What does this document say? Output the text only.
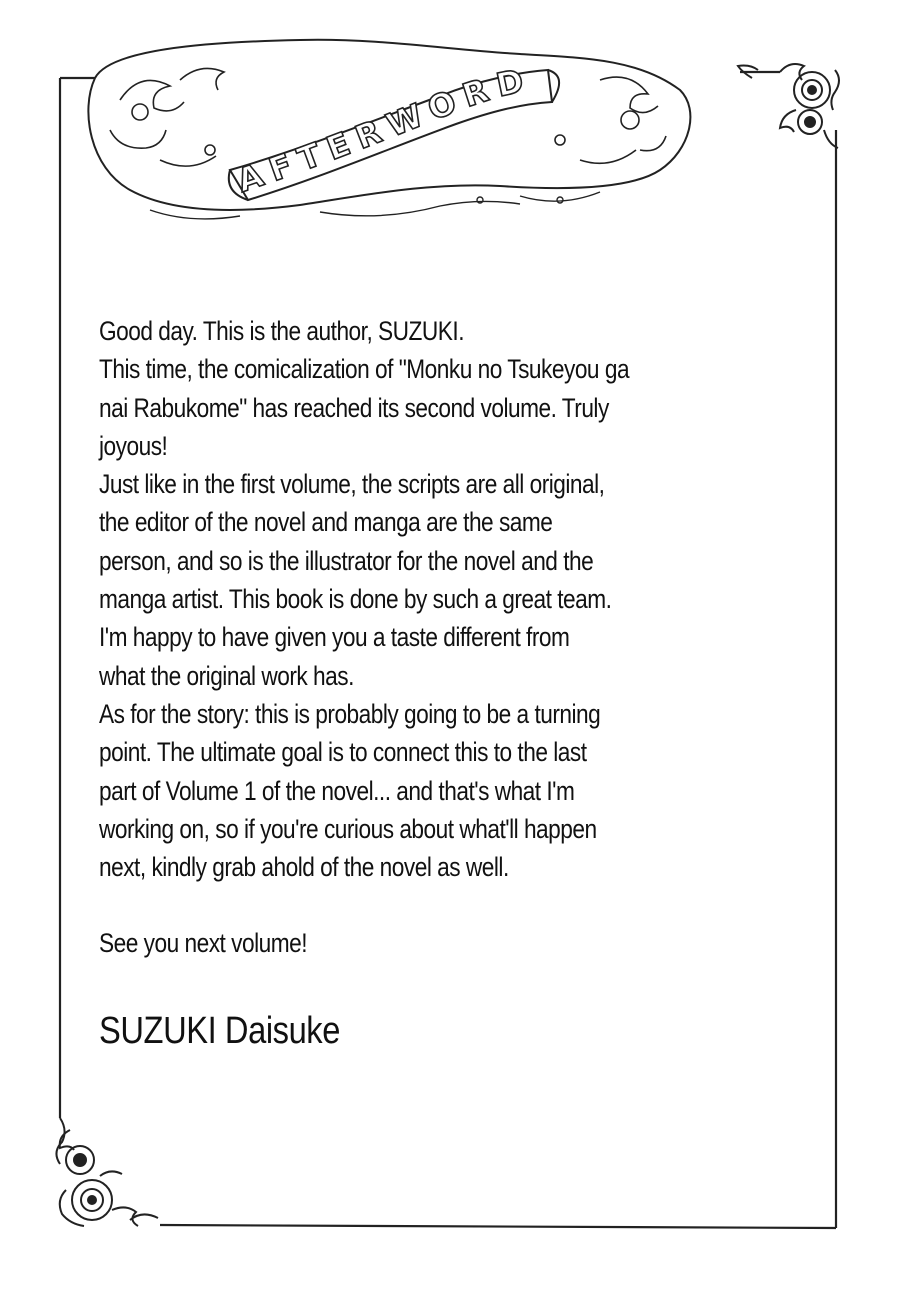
AFTERWORD

Good day. This is the author, SUZUKI.

This time, the comicalization of "Monku no Tsukeyou ga
nai Rabukome" has reached its second volume. Truly
joyous!

Just like in the first volume, the scripts are all original,
the editor of the novel and manga are the same
person, and so is the illustrator for the novel and the
manga artist. This book is done by such a great team.
I'm happy to have given you a taste different from
what the original work has.

As for the story: this is probably going to be a turning
point. The ultimate goal is to connect this to the last
part of Volume 1 of the novel... and that's what I'm
working on, so if you're curious about what'll happen
next, kindly grab ahold of the novel as well.

See you next volume!

SUZUKI Daisuke
